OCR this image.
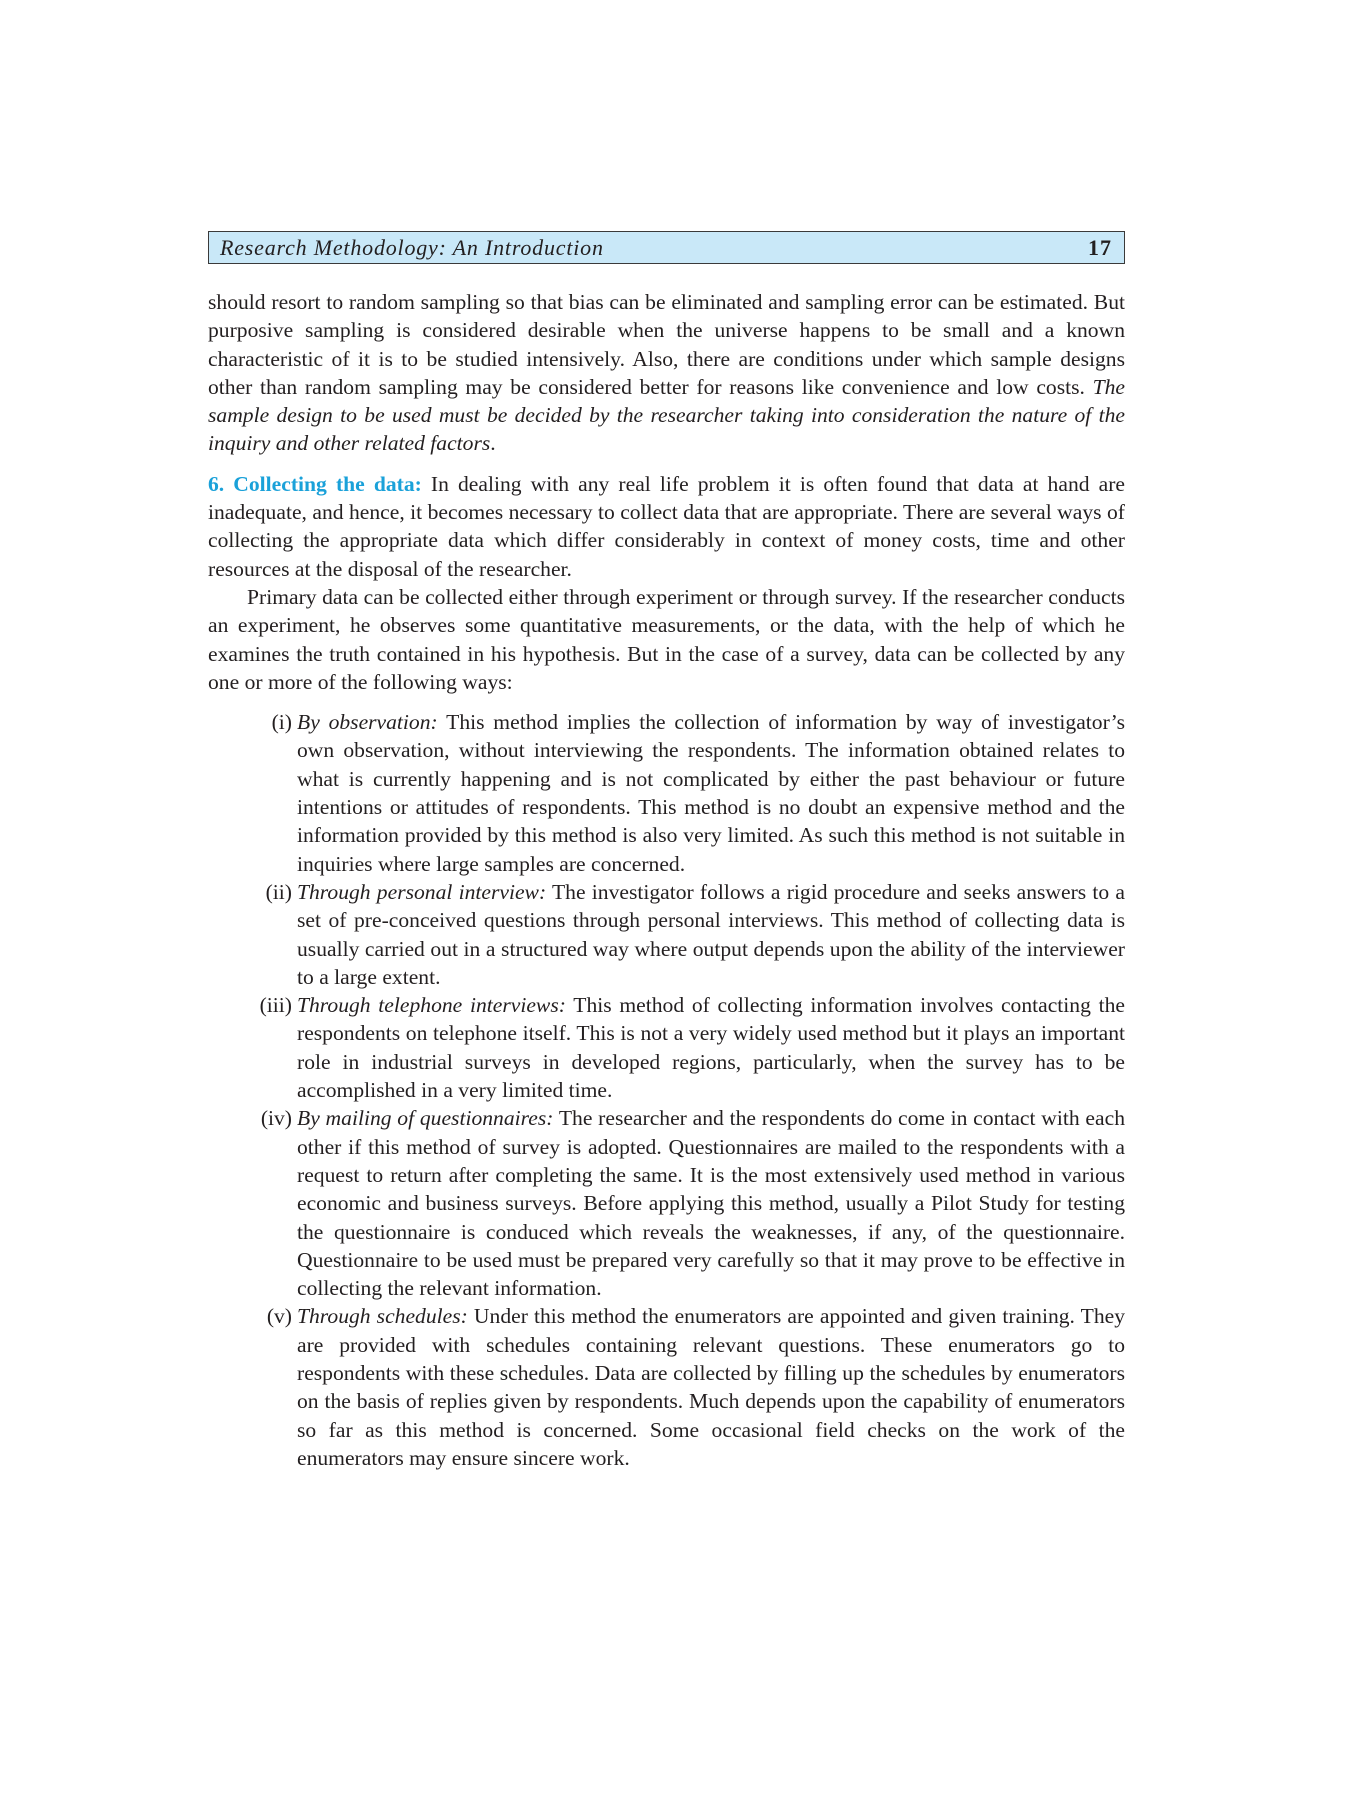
Research Methodology: An Introduction	17

should resort to random sampling so that bias can be eliminated and sampling error can be estimated. But purposive sampling is considered desirable when the universe happens to be small and a known characteristic of it is to be studied intensively. Also, there are conditions under which sample designs other than random sampling may be considered better for reasons like convenience and low costs. The sample design to be used must be decided by the researcher taking into consideration the nature of the inquiry and other related factors.

6. Collecting the data: In dealing with any real life problem it is often found that data at hand are inadequate, and hence, it becomes necessary to collect data that are appropriate. There are several ways of collecting the appropriate data which differ considerably in context of money costs, time and other resources at the disposal of the researcher.

Primary data can be collected either through experiment or through survey. If the researcher conducts an experiment, he observes some quantitative measurements, or the data, with the help of which he examines the truth contained in his hypothesis. But in the case of a survey, data can be collected by any one or more of the following ways:

(i) By observation: This method implies the collection of information by way of investigator’s own observation, without interviewing the respondents. The information obtained relates to what is currently happening and is not complicated by either the past behaviour or future intentions or attitudes of respondents. This method is no doubt an expensive method and the information provided by this method is also very limited. As such this method is not suitable in inquiries where large samples are concerned.
(ii) Through personal interview: The investigator follows a rigid procedure and seeks answers to a set of pre-conceived questions through personal interviews. This method of collecting data is usually carried out in a structured way where output depends upon the ability of the interviewer to a large extent.
(iii) Through telephone interviews: This method of collecting information involves contacting the respondents on telephone itself. This is not a very widely used method but it plays an important role in industrial surveys in developed regions, particularly, when the survey has to be accomplished in a very limited time.
(iv) By mailing of questionnaires: The researcher and the respondents do come in contact with each other if this method of survey is adopted. Questionnaires are mailed to the respondents with a request to return after completing the same. It is the most extensively used method in various economic and business surveys. Before applying this method, usually a Pilot Study for testing the questionnaire is conduced which reveals the weaknesses, if any, of the questionnaire. Questionnaire to be used must be prepared very carefully so that it may prove to be effective in collecting the relevant information.
(v) Through schedules: Under this method the enumerators are appointed and given training. They are provided with schedules containing relevant questions. These enumerators go to respondents with these schedules. Data are collected by filling up the schedules by enumerators on the basis of replies given by respondents. Much depends upon the capability of enumerators so far as this method is concerned. Some occasional field checks on the work of the enumerators may ensure sincere work.
